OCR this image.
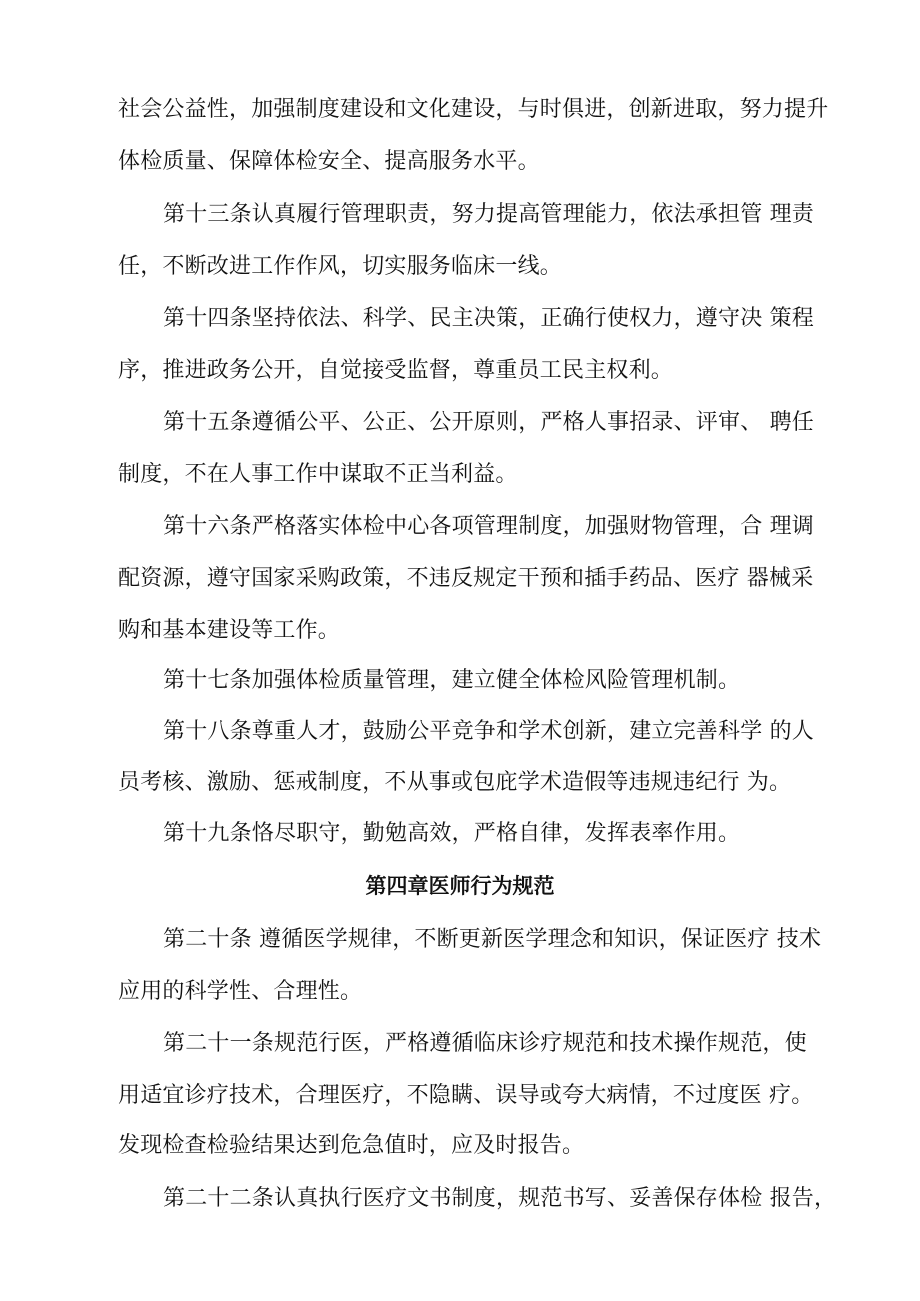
社会公益性，加强制度建设和文化建设，与时俱进，创新进取，努力提升
体检质量、保障体检安全、提高服务水平。
第十三条认真履行管理职责，努力提高管理能力，依法承担管 理责
任，不断改进工作作风，切实服务临床一线。
第十四条坚持依法、科学、民主决策，正确行使权力，遵守决 策程
序，推进政务公开，自觉接受监督，尊重员工民主权利。
第十五条遵循公平、公正、公开原则，严格人事招录、评审、 聘任
制度，不在人事工作中谋取不正当利益。
第十六条严格落实体检中心各项管理制度，加强财物管理，合 理调
配资源，遵守国家采购政策，不违反规定干预和插手药品、医疗 器械采
购和基本建设等工作。
第十七条加强体检质量管理，建立健全体检风险管理机制。
第十八条尊重人才，鼓励公平竞争和学术创新，建立完善科学 的人
员考核、激励、惩戒制度，不从事或包庇学术造假等违规违纪行 为。
第十九条恪尽职守，勤勉高效，严格自律，发挥表率作用。
第四章医师行为规范
第二十条 遵循医学规律，不断更新医学理念和知识，保证医疗 技术
应用的科学性、合理性。
第二十一条规范行医，严格遵循临床诊疗规范和技术操作规范，使
用适宜诊疗技术，合理医疗，不隐瞒、误导或夸大病情，不过度医 疗。
发现检查检验结果达到危急值时，应及时报告。
第二十二条认真执行医疗文书制度，规范书写、妥善保存体检 报告，
